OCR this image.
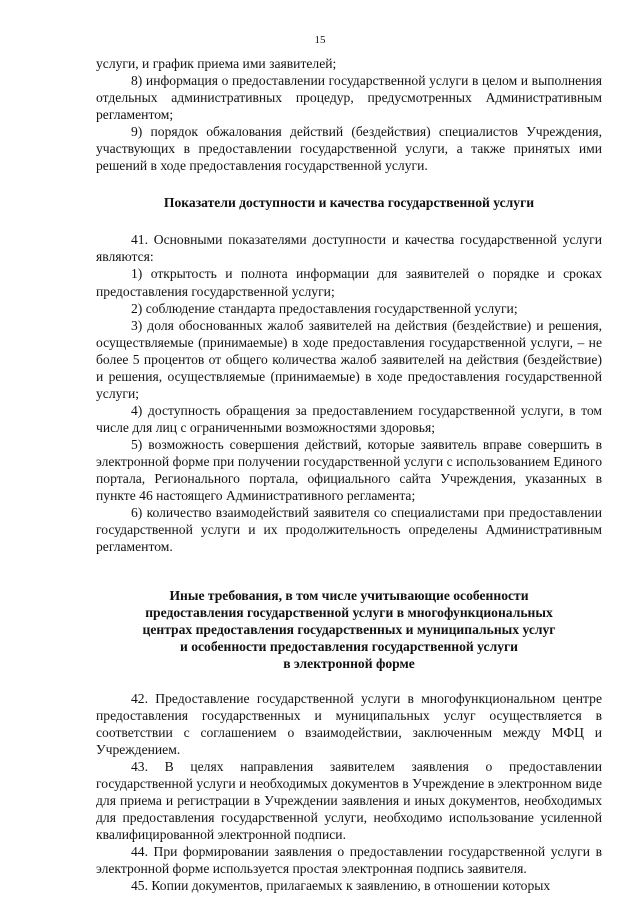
15

услуги, и график приема ими заявителей;

8) информация о предоставлении государственной услуги в целом и выполнения отдельных административных процедур, предусмотренных Административным регламентом;

9) порядок обжалования действий (бездействия) специалистов Учреждения, участвующих в предоставлении государственной услуги, а также принятых ими решений в ходе предоставления государственной услуги.

Показатели доступности и качества государственной услуги

41. Основными показателями доступности и качества государственной услуги являются:

1) открытость и полнота информации для заявителей о порядке и сроках предоставления государственной услуги;

2) соблюдение стандарта предоставления государственной услуги;

3) доля обоснованных жалоб заявителей на действия (бездействие) и решения, осуществляемые (принимаемые) в ходе предоставления государственной услуги, – не более 5 процентов от общего количества жалоб заявителей на действия (бездействие) и решения, осуществляемые (принимаемые) в ходе предоставления государственной услуги;

4) доступность обращения за предоставлением государственной услуги, в том числе для лиц с ограниченными возможностями здоровья;

5) возможность совершения действий, которые заявитель вправе совершить в электронной форме при получении государственной услуги с использованием Единого портала, Регионального портала, официального сайта Учреждения, указанных в пункте 46 настоящего Административного регламента;

6) количество взаимодействий заявителя со специалистами при предоставлении государственной услуги и их продолжительность определены Административным регламентом.

Иные требования, в том числе учитывающие особенности
предоставления государственной услуги в многофункциональных
центрах предоставления государственных и муниципальных услуг
и особенности предоставления государственной услуги
в электронной форме

42. Предоставление государственной услуги в многофункциональном центре предоставления государственных и муниципальных услуг осуществляется в соответствии с соглашением о взаимодействии, заключенным между МФЦ и Учреждением.

43. В целях направления заявителем заявления о предоставлении государственной услуги и необходимых документов в Учреждение в электронном виде для приема и регистрации в Учреждении заявления и иных документов, необходимых для предоставления государственной услуги, необходимо использование усиленной квалифицированной электронной подписи.

44. При формировании заявления о предоставлении государственной услуги в электронной форме используется простая электронная подпись заявителя.

45. Копии документов, прилагаемых к заявлению, в отношении которых
